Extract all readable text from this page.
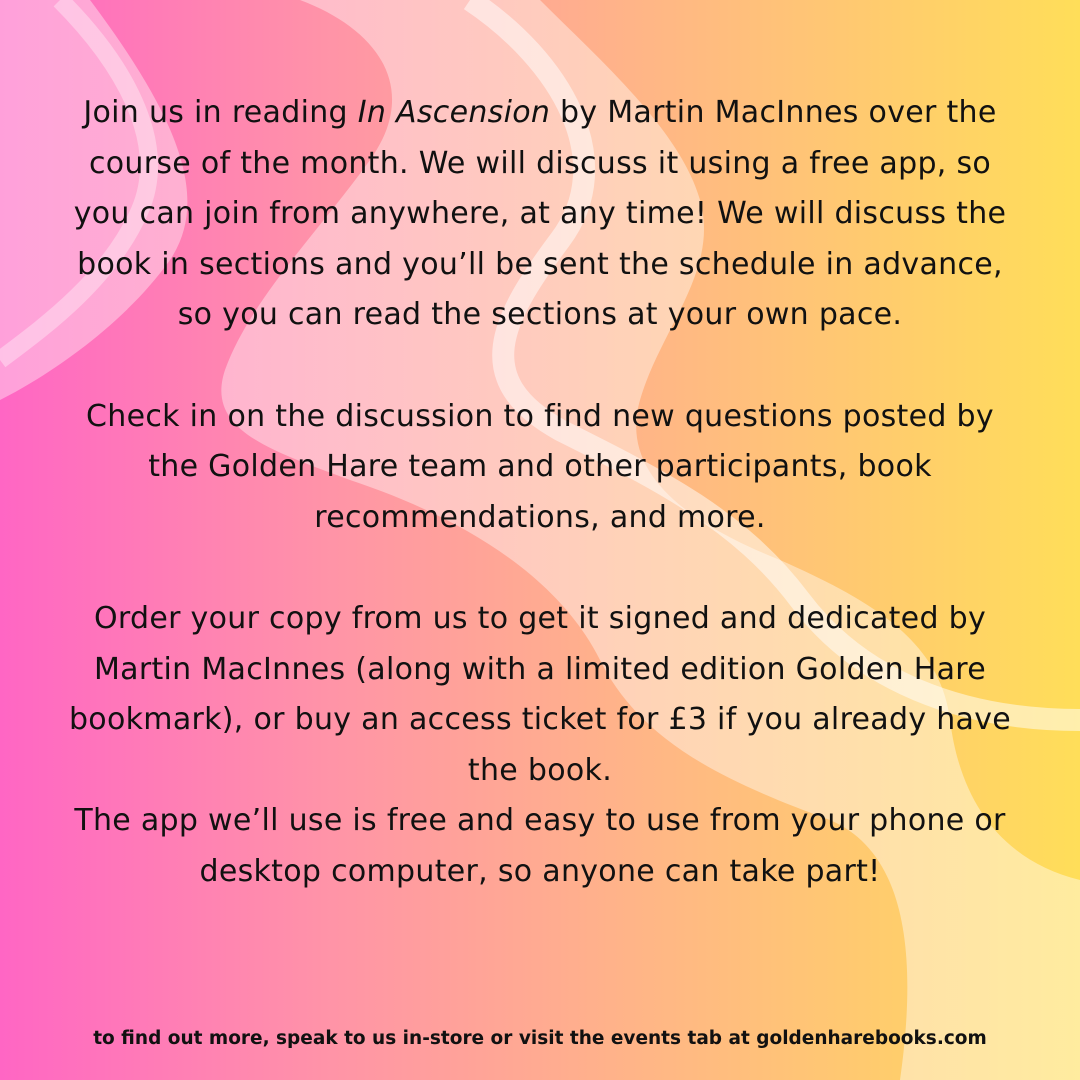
Join us in reading In Ascension by Martin MacInnes over the course of the month. We will discuss it using a free app, so you can join from anywhere, at any time! We will discuss the book in sections and you’ll be sent the schedule in advance, so you can read the sections at your own pace.

Check in on the discussion to find new questions posted by the Golden Hare team and other participants, book recommendations, and more.

Order your copy from us to get it signed and dedicated by Martin MacInnes (along with a limited edition Golden Hare bookmark), or buy an access ticket for £3 if you already have the book.

The app we’ll use is free and easy to use from your phone or desktop computer, so anyone can take part!

to find out more, speak to us in-store or visit the events tab at goldenharebooks.com
